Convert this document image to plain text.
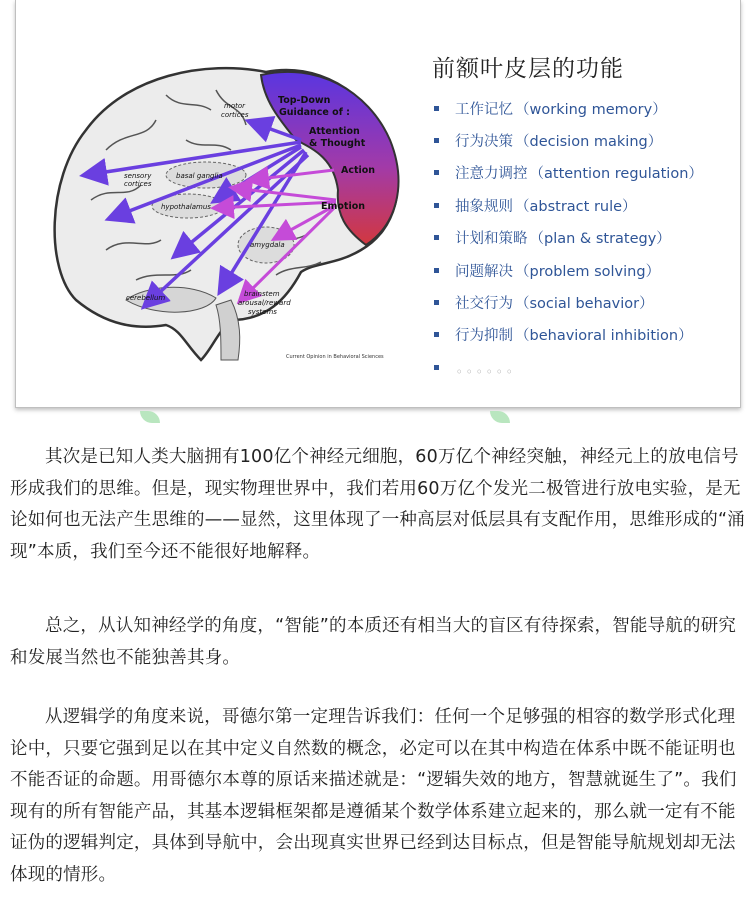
motor
cortices
sensory
cortices
basal ganglia
hypothalamus
amygdala
cerebellum	brainstem
arousal/reward
systems
Top-Down
Guidance of :
Attention
& Thought
Action
Emotion
Current Opinion in Behavioral Sciences
前额叶皮层的功能
工作记忆 （working memory）
行为决策 （decision making）
注意力调控 （attention regulation）
抽象规则 （abstract rule）
计划和策略 （plan & strategy）
问题解决 （problem solving）
社交行为 （social behavior）
行为抑制 （behavioral inhibition）
。。。。。。

其次是已知人类大脑拥有100亿个神经元细胞，60万亿个神经突触，神经元上的放电信号形成我们的思维。但是，现实物理世界中，我们若用60万亿个发光二极管进行放电实验，是无论如何也无法产生思维的——显然，这里体现了一种高层对低层具有支配作用，思维形成的“涌现”本质，我们至今还不能很好地解释。

总之，从认知神经学的角度，“智能”的本质还有相当大的盲区有待探索，智能导航的研究和发展当然也不能独善其身。

从逻辑学的角度来说，哥德尔第一定理告诉我们：任何一个足够强的相容的数学形式化理论中，只要它强到足以在其中定义自然数的概念，必定可以在其中构造在体系中既不能证明也不能否证的命题。用哥德尔本尊的原话来描述就是：“逻辑失效的地方，智慧就诞生了”。我们现有的所有智能产品，其基本逻辑框架都是遵循某个数学体系建立起来的，那么就一定有不能证伪的逻辑判定，具体到导航中，会出现真实世界已经到达目标点，但是智能导航规划却无法体现的情形。
